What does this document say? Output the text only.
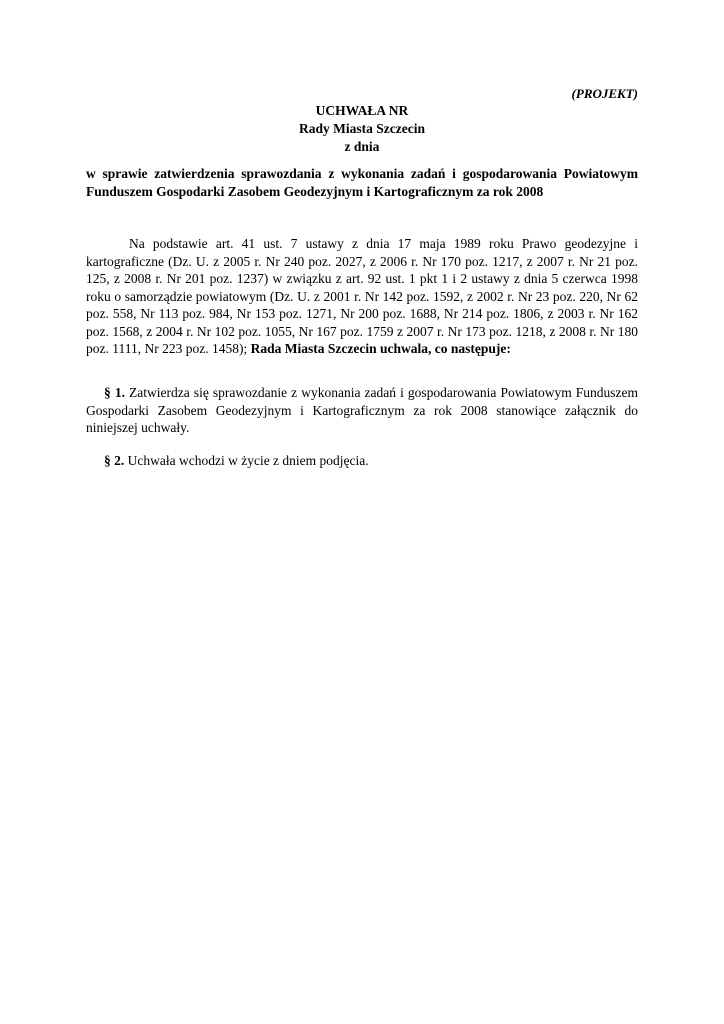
(PROJEKT)
UCHWAŁA NR
Rady Miasta Szczecin
z dnia
w sprawie zatwierdzenia sprawozdania z wykonania zadań i gospodarowania Powiatowym Funduszem Gospodarki Zasobem Geodezyjnym i Kartograficznym za rok 2008
Na podstawie art. 41 ust. 7 ustawy z dnia 17 maja 1989 roku Prawo geodezyjne i kartograficzne (Dz. U. z 2005 r. Nr 240 poz. 2027, z 2006 r. Nr 170 poz. 1217, z 2007 r. Nr 21 poz. 125, z 2008 r. Nr 201 poz. 1237) w związku z art. 92 ust. 1 pkt 1 i 2 ustawy z dnia 5 czerwca 1998 roku o samorządzie powiatowym (Dz. U. z 2001 r. Nr 142 poz. 1592, z 2002 r. Nr 23 poz. 220, Nr 62 poz. 558, Nr 113 poz. 984, Nr 153 poz. 1271, Nr 200 poz. 1688, Nr 214 poz. 1806, z 2003 r. Nr 162 poz. 1568, z 2004 r. Nr 102 poz. 1055, Nr 167 poz. 1759 z 2007 r. Nr 173 poz. 1218, z 2008 r. Nr 180 poz. 1111, Nr 223 poz. 1458); Rada Miasta Szczecin uchwala, co następuje:
§ 1. Zatwierdza się sprawozdanie z wykonania zadań i gospodarowania Powiatowym Funduszem Gospodarki Zasobem Geodezyjnym i Kartograficznym za rok 2008 stanowiące załącznik do niniejszej uchwały.
§ 2. Uchwała wchodzi w życie z dniem podjęcia.
